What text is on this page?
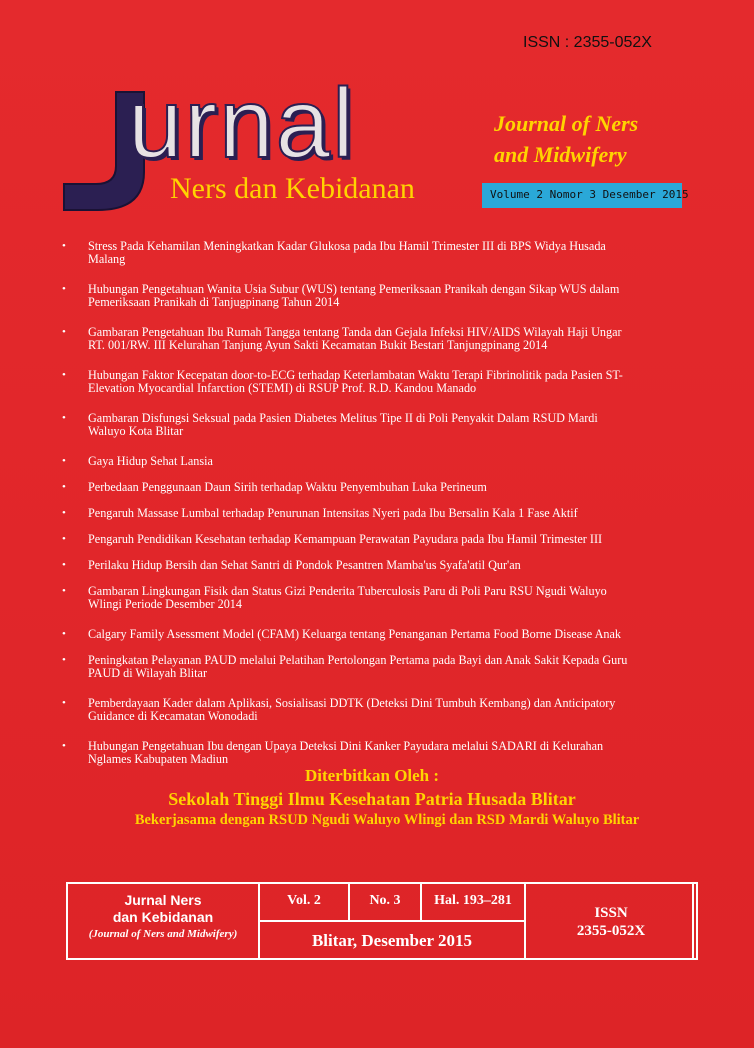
ISSN : 2355-052X
urnal
Ners dan Kebidanan
Journal of Ners
and Midwifery
Volume 2 Nomor 3 Desember 2015
• Stress Pada Kehamilan Meningkatkan Kadar Glukosa pada Ibu Hamil Trimester III di BPS Widya Husada
Malang
• Hubungan Pengetahuan Wanita Usia Subur (WUS) tentang Pemeriksaan Pranikah dengan Sikap WUS dalam
Pemeriksaan Pranikah di Tanjugpinang Tahun 2014
• Gambaran Pengetahuan Ibu Rumah Tangga tentang Tanda dan Gejala Infeksi HIV/AIDS Wilayah Haji Ungar
RT. 001/RW. III Kelurahan Tanjung Ayun Sakti Kecamatan Bukit Bestari Tanjungpinang 2014
• Hubungan Faktor Kecepatan door-to-ECG terhadap Keterlambatan Waktu Terapi Fibrinolitik pada Pasien ST-
Elevation Myocardial Infarction (STEMI) di RSUP Prof. R.D. Kandou Manado
• Gambaran Disfungsi Seksual pada Pasien Diabetes Melitus Tipe II di Poli Penyakit Dalam RSUD Mardi
Waluyo Kota Blitar
• Gaya Hidup Sehat Lansia
• Perbedaan Penggunaan Daun Sirih terhadap Waktu Penyembuhan Luka Perineum
• Pengaruh Massase Lumbal terhadap Penurunan Intensitas Nyeri pada Ibu Bersalin Kala 1 Fase Aktif
• Pengaruh Pendidikan Kesehatan terhadap Kemampuan Perawatan Payudara pada Ibu Hamil Trimester III
• Perilaku Hidup Bersih dan Sehat Santri di Pondok Pesantren Mamba'us Syafa'atil Qur'an
• Gambaran Lingkungan Fisik dan Status Gizi Penderita Tuberculosis Paru di Poli Paru RSU Ngudi Waluyo
Wlingi Periode Desember 2014
• Calgary Family Asessment Model (CFAM) Keluarga tentang Penanganan Pertama Food Borne Disease Anak
• Peningkatan Pelayanan PAUD melalui Pelatihan Pertolongan Pertama pada Bayi dan Anak Sakit Kepada Guru
PAUD di Wilayah Blitar
• Pemberdayaan Kader dalam Aplikasi, Sosialisasi DDTK (Deteksi Dini Tumbuh Kembang) dan Anticipatory
Guidance di Kecamatan Wonodadi
• Hubungan Pengetahuan Ibu dengan Upaya Deteksi Dini Kanker Payudara melalui SADARI di Kelurahan
Nglames Kabupaten Madiun
Diterbitkan Oleh :
Sekolah Tinggi Ilmu Kesehatan Patria Husada Blitar
Bekerjasama dengan RSUD Ngudi Waluyo Wlingi dan RSD Mardi Waluyo Blitar
Jurnal Ners
dan Kebidanan
(Journal of Ners and Midwifery)
Vol. 2	No. 3	Hal. 193–281
Blitar, Desember 2015
ISSN
2355-052X
